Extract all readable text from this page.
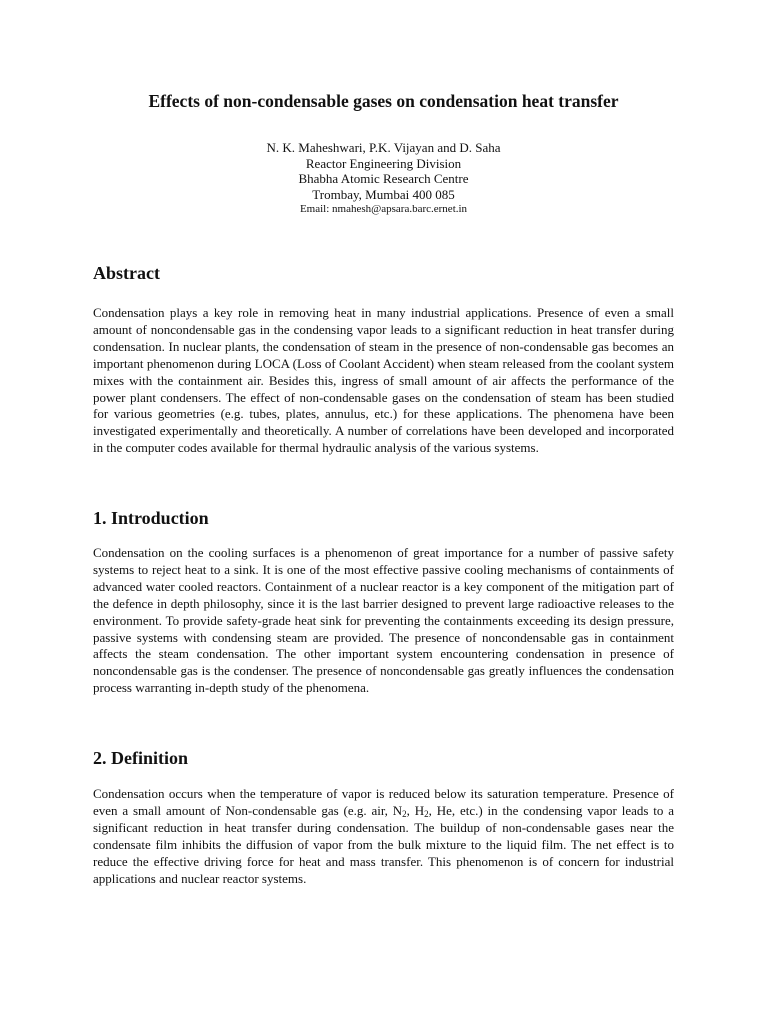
Effects of non-condensable gases on condensation heat transfer
N. K. Maheshwari, P.K. Vijayan and D. Saha
Reactor Engineering Division
Bhabha Atomic Research Centre
Trombay, Mumbai 400 085
Email: nmahesh@apsara.barc.ernet.in
Abstract

Condensation plays a key role in removing heat in many industrial applications. Presence of even a small amount of noncondensable gas in the condensing vapor leads to a significant reduction in heat transfer during condensation. In nuclear plants, the condensation of steam in the presence of non-condensable gas becomes an important phenomenon during LOCA (Loss of Coolant Accident) when steam released from the coolant system mixes with the containment air. Besides this, ingress of small amount of air affects the performance of the power plant condensers. The effect of non-condensable gases on the condensation of steam has been studied for various geometries (e.g. tubes, plates, annulus, etc.) for these applications. The phenomena have been investigated experimentally and theoretically. A number of correlations have been developed and incorporated in the computer codes available for thermal hydraulic analysis of the various systems.

1. Introduction

Condensation on the cooling surfaces is a phenomenon of great importance for a number of passive safety systems to reject heat to a sink. It is one of the most effective passive cooling mechanisms of containments of advanced water cooled reactors. Containment of a nuclear reactor is a key component of the mitigation part of the defence in depth philosophy, since it is the last barrier designed to prevent large radioactive releases to the environment. To provide safety-grade heat sink for preventing the containments exceeding its design pressure, passive systems with condensing steam are provided. The presence of noncondensable gas in containment affects the steam condensation. The other important system encountering condensation in presence of noncondensable gas is the condenser. The presence of noncondensable gas greatly influences the condensation process warranting in-depth study of the phenomena.

2. Definition

Condensation occurs when the temperature of vapor is reduced below its saturation temperature. Presence of even a small amount of Non-condensable gas (e.g. air, $N_2$, $H_2$, He, etc.) in the condensing vapor leads to a significant reduction in heat transfer during condensation. The buildup of non-condensable gases near the condensate film inhibits the diffusion of vapor from the bulk mixture to the liquid film. The net effect is to reduce the effective driving force for heat and mass transfer. This phenomenon is of concern for industrial applications and nuclear reactor systems.
